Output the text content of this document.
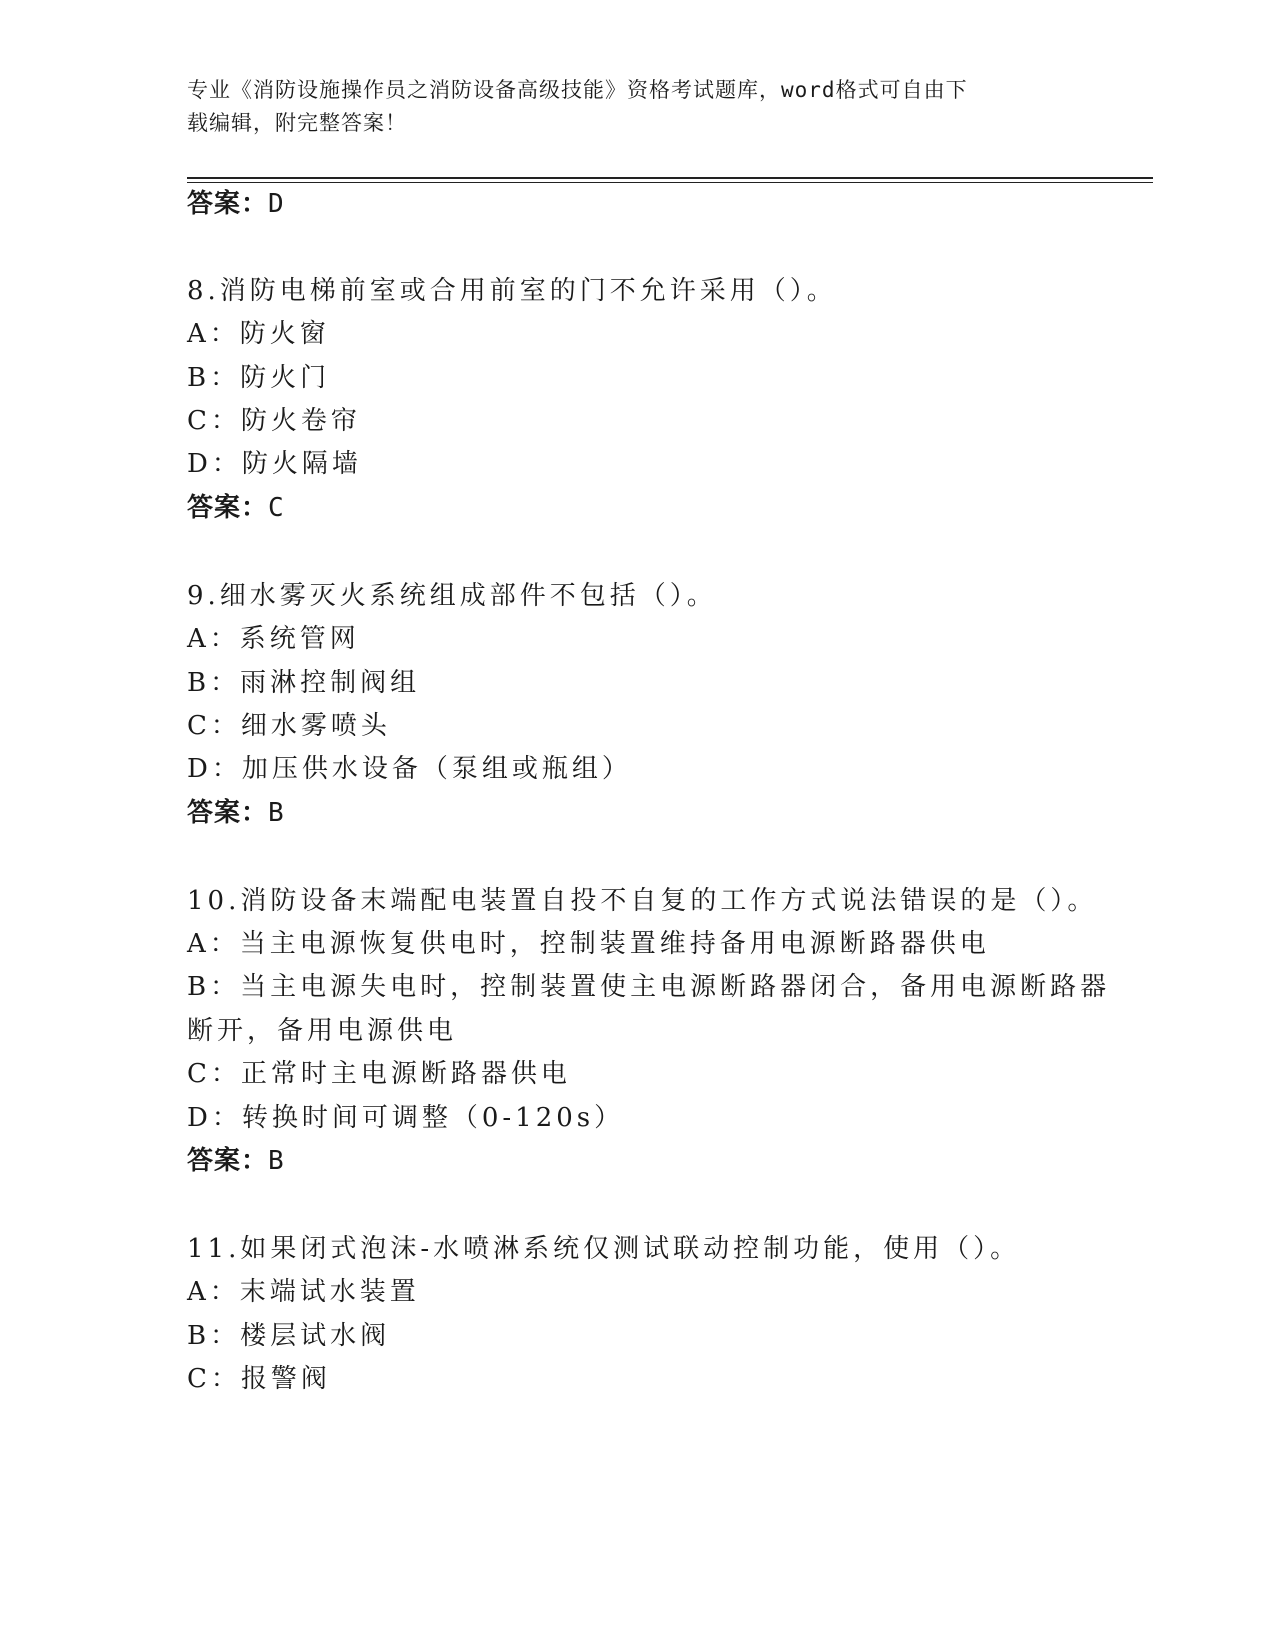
专业《消防设施操作员之消防设备高级技能》资格考试题库，word格式可自由下
载编辑，附完整答案！
答案：D
8.消防电梯前室或合用前室的门不允许采用（）。
A：防火窗
B：防火门
C：防火卷帘
D：防火隔墙
答案：C
9.细水雾灭火系统组成部件不包括（）。
A：系统管网
B：雨淋控制阀组
C：细水雾喷头
D：加压供水设备（泵组或瓶组）
答案：B
10.消防设备末端配电装置自投不自复的工作方式说法错误的是（）。
A：当主电源恢复供电时，控制装置维持备用电源断路器供电
B：当主电源失电时，控制装置使主电源断路器闭合，备用电源断路器
断开，备用电源供电
C：正常时主电源断路器供电
D：转换时间可调整（0-120s）
答案：B
11.如果闭式泡沫-水喷淋系统仅测试联动控制功能，使用（）。
A：末端试水装置
B：楼层试水阀
C：报警阀
